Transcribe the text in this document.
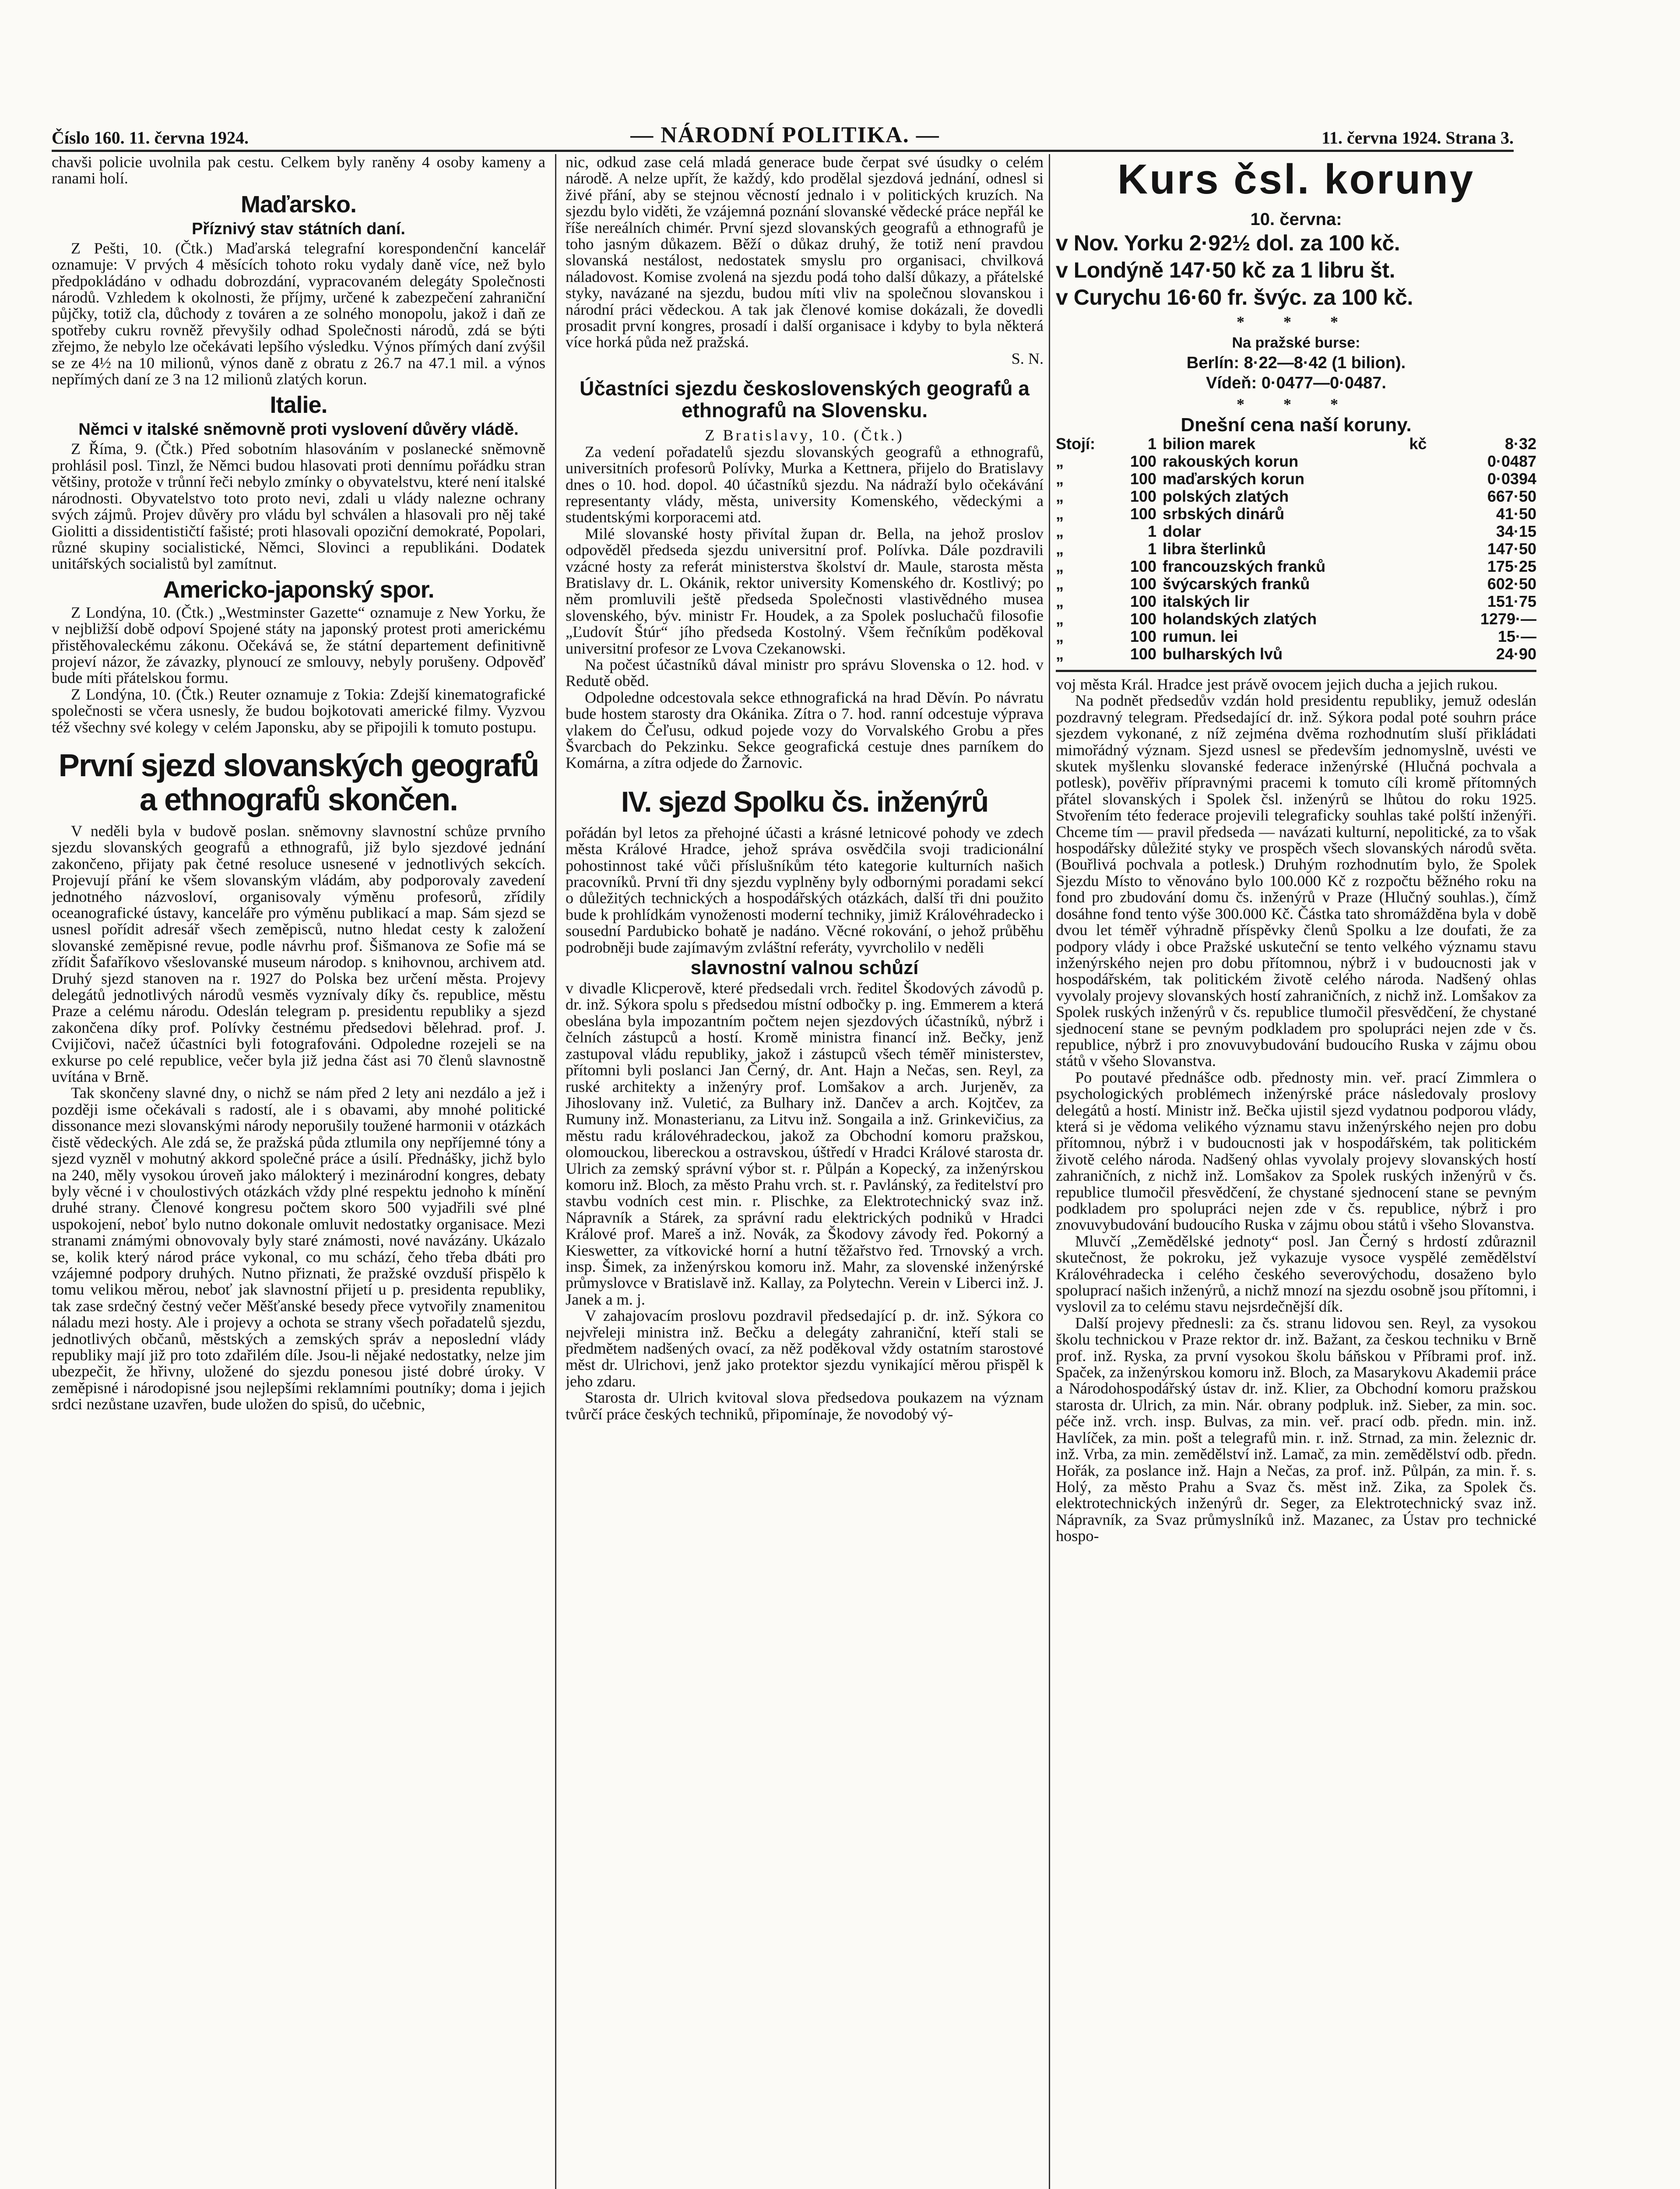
Číslo 160. 11. června 1924.	— NÁRODNÍ POLITIKA. —	11. června 1924. Strana 3.

chavši policie uvolnila pak cestu. Celkem byly raněny 4 osoby kameny a ranami holí.

Maďarsko.
Příznivý stav státních daní.

Z Pešti, 10. (Čtk.) Maďarská telegrafní korespondenční kancelář oznamuje: V prvých 4 měsících tohoto roku vydaly daně více, než bylo předpokládáno v odhadu dobrozdání, vypracovaném delegáty Společnosti národů. Vzhledem k okolnosti, že příjmy, určené k zabezpečení zahraniční půjčky, totiž cla, důchody z továren a ze solného monopolu, jakož i daň ze spotřeby cukru rovněž převyšily odhad Společnosti národů, zdá se býti zřejmo, že nebylo lze očekávati lepšího výsledku. Výnos přímých daní zvýšil se ze 4½ na 10 milionů, výnos daně z obratu z 26.7 na 47.1 mil. a výnos nepřímých daní ze 3 na 12 milionů zlatých korun.

Italie.
Němci v italské sněmovně proti vyslovení důvěry vládě.

Z Říma, 9. (Čtk.) Před sobotním hlasováním v poslanecké sněmovně prohlásil posl. Tinzl, že Němci budou hlasovati proti dennímu pořádku stran většiny, protože v trůnní řeči nebylo zmínky o obyvatelstvu, které není italské národnosti. Obyvatelstvo toto proto nevi, zdali u vlády nalezne ochrany svých zájmů. Projev důvěry pro vládu byl schválen a hlasovali pro něj také Giolitti a dissidentističtí fašisté; proti hlasovali opoziční demokraté, Popolari, různé skupiny socialistické, Němci, Slovinci a republikáni. Dodatek unitářských socialistů byl zamítnut.

Americko-japonský spor.

Z Londýna, 10. (Čtk.) „Westminster Gazette“ oznamuje z New Yorku, že v nejbližší době odpoví Spojené státy na japonský protest proti americkému přistěhovaleckému zákonu. Očekává se, že státní departement definitivně projeví názor, že závazky, plynoucí ze smlouvy, nebyly porušeny. Odpověď bude míti přátelskou formu.

Z Londýna, 10. (Čtk.) Reuter oznamuje z Tokia: Zdejší kinematografické společnosti se včera usnesly, že budou bojkotovati americké filmy. Vyzvou též všechny své kolegy v celém Japonsku, aby se připojili k tomuto postupu.

První sjezd slovanských geografů a ethnografů skončen.

V neděli byla v budově poslan. sněmovny slavnostní schůze prvního sjezdu slovanských geografů a ethnografů, již bylo sjezdové jednání zakončeno, přijaty pak četné resoluce usnesené v jednotlivých sekcích. Projevují přání ke všem slovanským vládám, aby podporovaly zavedení jednotného názvosloví, organisovaly výměnu profesorů, zřídily oceanografické ústavy, kanceláře pro výměnu publikací a map. Sám sjezd se usnesl pořídit adresář všech zeměpisců, nutno hledat cesty k založení slovanské zeměpisné revue, podle návrhu prof. Šišmanova ze Sofie má se zřídit Šafaříkovo všeslovanské museum národop. s knihovnou, archivem atd. Druhý sjezd stanoven na r. 1927 do Polska bez určení města. Projevy delegátů jednotlivých národů vesměs vyznívaly díky čs. republice, městu Praze a celému národu. Odeslán telegram p. presidentu republiky a sjezd zakončena díky prof. Polívky čestnému předsedovi bělehrad. prof. J. Cvijičovi, načež účastníci byli fotografováni. Odpoledne rozejeli se na exkurse po celé republice, večer byla již jedna část asi 70 členů slavnostně uvítána v Brně.

Tak skončeny slavné dny, o nichž se nám před 2 lety ani nezdálo a jež i později isme očekávali s radostí, ale i s obavami, aby mnohé politické dissonance mezi slovanskými národy neporušily toužené harmonii v otázkách čistě vědeckých. Ale zdá se, že pražská půda ztlumila ony nepříjemné tóny a sjezd vyzněl v mohutný akkord společné práce a úsilí. Přednášky, jichž bylo na 240, měly vysokou úroveň jako málokterý i mezinárodní kongres, debaty byly věcné i v choulostivých otázkách vždy plné respektu jednoho k mínění druhé strany. Členové kongresu počtem skoro 500 vyjadřili své plné uspokojení, neboť bylo nutno dokonale omluvit nedostatky organisace. Mezi stranami známými obnovovaly byly staré známosti, nové navázány. Ukázalo se, kolik který národ práce vykonal, co mu schází, čeho třeba dbáti pro vzájemné podpory druhých. Nutno přiznati, že pražské ovzduší přispělo k tomu velikou měrou, neboť jak slavnostní přijetí u p. presidenta republiky, tak zase srdečný čestný večer Měšťanské besedy přece vytvořily znamenitou náladu mezi hosty. Ale i projevy a ochota se strany všech pořadatelů sjezdu, jednotlivých občanů, městských a zemských správ a neposlední vlády republiky mají již pro toto zdařilém díle. Jsou-li nějaké nedostatky, nelze jim ubezpečit, že hřivny, uložené do sjezdu ponesou jisté dobré úroky. V zeměpisné i národopisné jsou nejlepšími reklamními poutníky; doma i jejich srdci nezůstane uzavřen, bude uložen do spisů, do učebnic,

nic, odkud zase celá mladá generace bude čerpat své úsudky o celém národě. A nelze upřít, že každý, kdo prodělal sjezdová jednání, odnesl si živé přání, aby se stejnou věcností jednalo i v politických kruzích. Na sjezdu bylo viděti, že vzájemná poznání slovanské vědecké práce nepřál ke říše nereálních chimér. První sjezd slovanských geografů a ethnografů je toho jasným důkazem. Běží o důkaz druhý, že totiž není pravdou slovanská nestálost, nedostatek smyslu pro organisaci, chvilková náladovost. Komise zvolená na sjezdu podá toho další důkazy, a přátelské styky, navázané na sjezdu, budou míti vliv na společnou slovanskou i národní práci vědeckou. A tak jak členové komise dokázali, že dovedli prosadit první kongres, prosadí i další organisace i kdyby to byla některá více horká půda než pražská.

S. N.

Účastníci sjezdu československých geografů a ethnografů na Slovensku.

Z Bratislavy, 10. (Čtk.)

Za vedení pořadatelů sjezdu slovanských geografů a ethnografů, universitních profesorů Polívky, Murka a Kettnera, přijelo do Bratislavy dnes o 10. hod. dopol. 40 účastníků sjezdu. Na nádraží bylo očekávání representanty vlády, města, university Komenského, vědeckými a studentskými korporacemi atd.

Milé slovanské hosty přivítal župan dr. Bella, na jehož proslov odpověděl předseda sjezdu universitní prof. Polívka. Dále pozdravili vzácné hosty za referát ministerstva školství dr. Maule, starosta města Bratislavy dr. L. Okánik, rektor university Komenského dr. Kostlivý; po něm promluvili ještě předseda Společnosti vlastivědného musea slovenského, býv. ministr Fr. Houdek, a za Spolek posluchačů filosofie „Ľudovít Štúr“ jího předseda Kostolný. Všem řečníkům poděkoval universitní profesor ze Lvova Czekanowski.

Na počest účastníků dával ministr pro správu Slovenska o 12. hod. v Redutě oběd.

Odpoledne odcestovala sekce ethnografická na hrad Děvín. Po návratu bude hostem starosty dra Okánika. Zítra o 7. hod. ranní odcestuje výprava vlakem do Čeľusu, odkud pojede vozy do Vorvalského Grobu a přes Švarcbach do Pekzinku. Sekce geografická cestuje dnes parníkem do Komárna, a zítra odjede do Žarnovic.

IV. sjezd Spolku čs. inženýrů

pořádán byl letos za přehojné účasti a krásné letnicové pohody ve zdech města Králové Hradce, jehož správa osvědčila svoji tradicionální pohostinnost také vůči příslušníkům této kategorie kulturních našich pracovníků. První tři dny sjezdu vyplněny byly odbornými poradami sekcí o důležitých technických a hospodářských otázkách, další tři dni použito bude k prohlídkám vynoženosti moderní techniky, jimiž Královéhradecko i sousední Pardubicko bohatě je nadáno. Věcné rokování, o jehož průběhu podrobněji bude zajímavým zvláštní referáty, vyvrcholilo v neděli

slavnostní valnou schůzí

v divadle Klicperově, které předsedali vrch. ředitel Škodových závodů p. dr. inž. Sýkora spolu s předsedou místní odbočky p. ing. Emmerem a která obeslána byla impozantním počtem nejen sjezdových účastníků, nýbrž i čelních zástupců a hostí. Kromě ministra financí inž. Bečky, jenž zastupoval vládu republiky, jakož i zástupců všech téměř ministerstev, přítomni byli poslanci Jan Černý, dr. Ant. Hajn a Nečas, sen. Reyl, za ruské architekty a inženýry prof. Lomšakov a arch. Jurjeněv, za Jihoslovany inž. Vuletić, za Bulhary inž. Dančev a arch. Kojtčev, za Rumuny inž. Monasterianu, za Litvu inž. Songaila a inž. Grinkevičius, za městu radu královéhradeckou, jakož za Obchodní komoru pražskou, olomouckou, libereckou a ostravskou, úštředí v Hradci Králové starosta dr. Ulrich za zemský správní výbor st. r. Půlpán a Kopecký, za inženýrskou komoru inž. Bloch, za město Prahu vrch. st. r. Pavlánský, za ředitelství pro stavbu vodních cest min. r. Plischke, za Elektrotechnický svaz inž. Nápravník a Stárek, za správní radu elektrických podniků v Hradci Králové prof. Mareš a inž. Novák, za Škodovy závody řed. Pokorný a Kieswetter, za vítkovické horní a hutní těžařstvo řed. Trnovský a vrch. insp. Šimek, za inženýrskou komoru inž. Mahr, za slovenské inženýrské průmyslovce v Bratislavě inž. Kallay, za Polytechn. Verein v Liberci inž. J. Janek a m. j.

V zahajovacím proslovu pozdravil předsedající p. dr. inž. Sýkora co nejvřeleji ministra inž. Bečku a delegáty zahraniční, kteří stali se předmětem nadšených ovací, za něž poděkoval vždy ostatním starostové měst dr. Ulrichovi, jenž jako protektor sjezdu vynikající měrou přispěl k jeho zdaru.

Starosta dr. Ulrich kvitoval slova předsedova poukazem na význam tvůrčí práce českých techniků, připomínaje, že novodobý vý-

Kurs čsl. koruny
10. června:
v Nov. Yorku 2·92½ dol. za 100 kč.
v Londýně 147·50 kč za 1 libru št.
v Curychu 16·60 fr. švýc. za 100 kč.
* * *
Na pražské burse:
Berlín: 8·22—8·42 (1 bilion).
Vídeň: 0·0477—0·0487.
* * *
Dnešní cena naší koruny.
Stojí:	1	bilion marek	kč	8·32
„	100	rakouských korun		0·0487
„	100	maďarských korun		0·0394
„	100	polských zlatých		667·50
„	100	srbských dinárů		41·50
„	1	dolar		34·15
„	1	libra šterlinků		147·50
„	100	francouzských franků		175·25
„	100	švýcarských franků		602·50
„	100	italských lir		151·75
„	100	holandských zlatých		1279·—
„	100	rumun. lei		15·—
„	100	bulharských lvů		24·90

voj města Král. Hradce jest právě ovocem jejich ducha a jejich rukou.

Na podnět předsedův vzdán hold presidentu republiky, jemuž odeslán pozdravný telegram. Předsedající dr. inž. Sýkora podal poté souhrn práce sjezdem vykonané, z níž zejména dvěma rozhodnutím sluší přikládati mimořádný význam. Sjezd usnesl se především jednomyslně, uvésti ve skutek myšlenku slovanské federace inženýrské (Hlučná pochvala a potlesk), pověřiv přípravnými pracemi k tomuto cíli kromě přítomných přátel slovanských i Spolek čsl. inženýrů se lhůtou do roku 1925. Stvořením této federace projevili telegraficky souhlas také polští inženýři. Chceme tím — pravil předseda — navázati kulturní, nepolitické, za to však hospodářsky důležité styky ve prospěch všech slovanských národů světa. (Bouřlivá pochvala a potlesk.) Druhým rozhodnutím bylo, že Spolek Sjezdu Místo to věnováno bylo 100.000 Kč z rozpočtu běžného roku na fond pro zbudování domu čs. inženýrů v Praze (Hlučný souhlas.), čímž dosáhne fond tento výše 300.000 Kč. Částka tato shromážděna byla v době dvou let téměř výhradně příspěvky členů Spolku a lze doufati, že za podpory vlády i obce Pražské uskuteční se tento velkého významu stavu inženýrského nejen pro dobu přítomnou, nýbrž i v budoucnosti jak v hospodářském, tak politickém životě celého národa. Nadšený ohlas vyvolaly projevy slovanských hostí zahraničních, z nichž inž. Lomšakov za Spolek ruských inženýrů v čs. republice tlumočil přesvědčení, že chystané sjednocení stane se pevným podkladem pro spolupráci nejen zde v čs. republice, nýbrž i pro znovuvybudování budoucího Ruska v zájmu obou států v všeho Slovanstva.

Po poutavé přednášce odb. přednosty min. veř. prací Zimmlera o psychologických problémech inženýrské práce následovaly proslovy delegátů a hostí. Ministr inž. Bečka ujistil sjezd vydatnou podporou vlády, která si je vědoma velikého významu stavu inženýrského nejen pro dobu přítomnou, nýbrž i v budoucnosti jak v hospodářském, tak politickém životě celého národa. Nadšený ohlas vyvolaly projevy slovanských hostí zahraničních, z nichž inž. Lomšakov za Spolek ruských inženýrů v čs. republice tlumočil přesvědčení, že chystané sjednocení stane se pevným podkladem pro spolupráci nejen zde v čs. republice, nýbrž i pro znovuvybudování budoucího Ruska v zájmu obou států i všeho Slovanstva.

Mluvčí „Zemědělské jednoty“ posl. Jan Černý s hrdostí zdůraznil skutečnost, že pokroku, jež vykazuje vysoce vyspělé zemědělství Královéhradecka i celého českého severovýchodu, dosaženo bylo spoluprací našich inženýrů, a nichž mnozí na sjezdu osobně jsou přítomni, i vyslovil za to celému stavu nejsrdečnější dík.

Další projevy přednesli: za čs. stranu lidovou sen. Reyl, za vysokou školu technickou v Praze rektor dr. inž. Bažant, za českou techniku v Brně prof. inž. Ryska, za první vysokou školu báňskou v Příbrami prof. inž. Spaček, za inženýrskou komoru inž. Bloch, za Masarykovu Akademii práce a Národohospodářský ústav dr. inž. Klier, za Obchodní komoru pražskou starosta dr. Ulrich, za min. Nár. obrany podpluk. inž. Sieber, za min. soc. péče inž. vrch. insp. Bulvas, za min. veř. prací odb. předn. min. inž. Havlíček, za min. pošt a telegrafů min. r. inž. Strnad, za min. železnic dr. inž. Vrba, za min. zemědělství inž. Lamač, za min. zemědělství odb. předn. Hořák, za poslance inž. Hajn a Nečas, za prof. inž. Půlpán, za min. ř. s. Holý, za město Prahu a Svaz čs. měst inž. Zika, za Spolek čs. elektrotechnických inženýrů dr. Seger, za Elektrotechnický svaz inž. Nápravník, za Svaz průmyslníků inž. Mazanec, za Ústav pro technické hospo-
